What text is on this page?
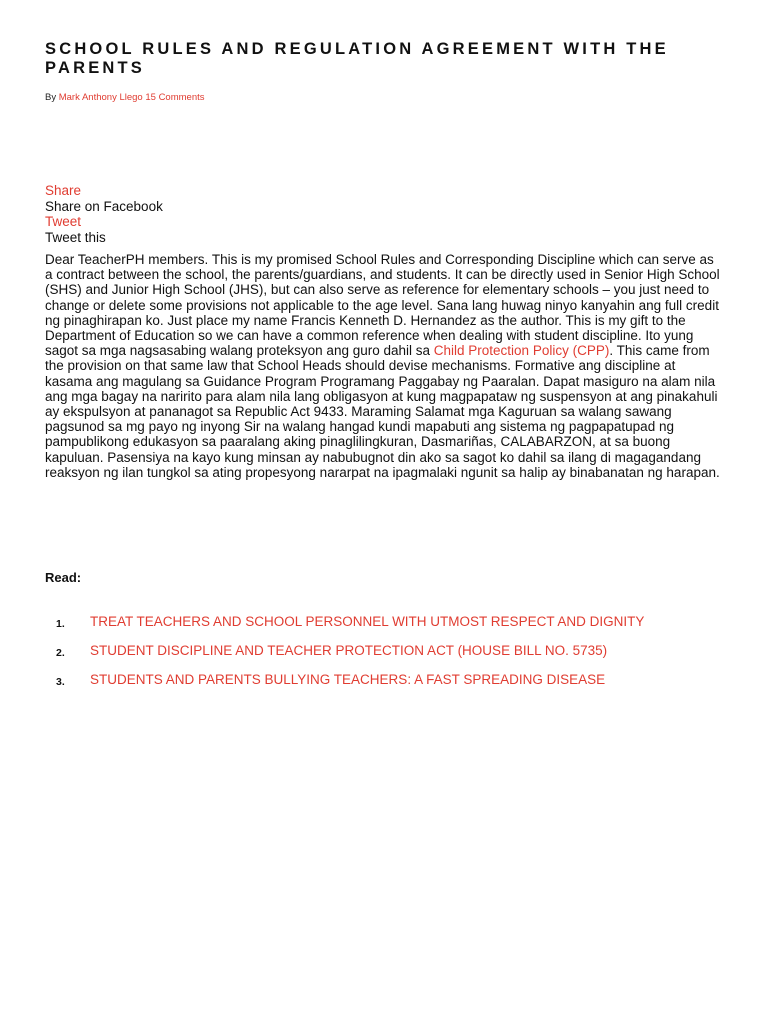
SCHOOL RULES AND REGULATION AGREEMENT WITH THE PARENTS
By Mark Anthony Llego 15 Comments
Share
Share on Facebook
Tweet
Tweet this

Dear TeacherPH members. This is my promised School Rules and Corresponding Discipline which can serve as a contract between the school, the parents/guardians, and students. It can be directly used in Senior High School (SHS) and Junior High School (JHS), but can also serve as reference for elementary schools – you just need to change or delete some provisions not applicable to the age level. Sana lang huwag ninyo kanyahin ang full credit ng pinaghirapan ko. Just place my name Francis Kenneth D. Hernandez as the author. This is my gift to the Department of Education so we can have a common reference when dealing with student discipline. Ito yung sagot sa mga nagsasabing walang proteksyon ang guro dahil sa Child Protection Policy (CPP). This came from the provision on that same law that School Heads should devise mechanisms. Formative ang discipline at kasama ang magulang sa Guidance Program Programang Paggabay ng Paaralan. Dapat masiguro na alam nila ang mga bagay na naririto para alam nila lang obligasyon at kung magpapataw ng suspensyon at ang pinakahuli ay ekspulsyon at pananagot sa Republic Act 9433. Maraming Salamat mga Kaguruan sa walang sawang pagsunod sa mg payo ng inyong Sir na walang hangad kundi mapabuti ang sistema ng pagpapatupad ng pampublikong edukasyon sa paaralang aking pinaglilingkuran, Dasmariñas, CALABARZON, at sa buong kapuluan. Pasensiya na kayo kung minsan ay nabubugnot din ako sa sagot ko dahil sa ilang di magagandang reaksyon ng ilan tungkol sa ating propesyong nararpat na ipagmalaki ngunit sa halip ay binabanatan ng harapan.

Read:
1.	TREAT TEACHERS AND SCHOOL PERSONNEL WITH UTMOST RESPECT AND DIGNITY
2.	STUDENT DISCIPLINE AND TEACHER PROTECTION ACT (HOUSE BILL NO. 5735)
3.	STUDENTS AND PARENTS BULLYING TEACHERS: A FAST SPREADING DISEASE
